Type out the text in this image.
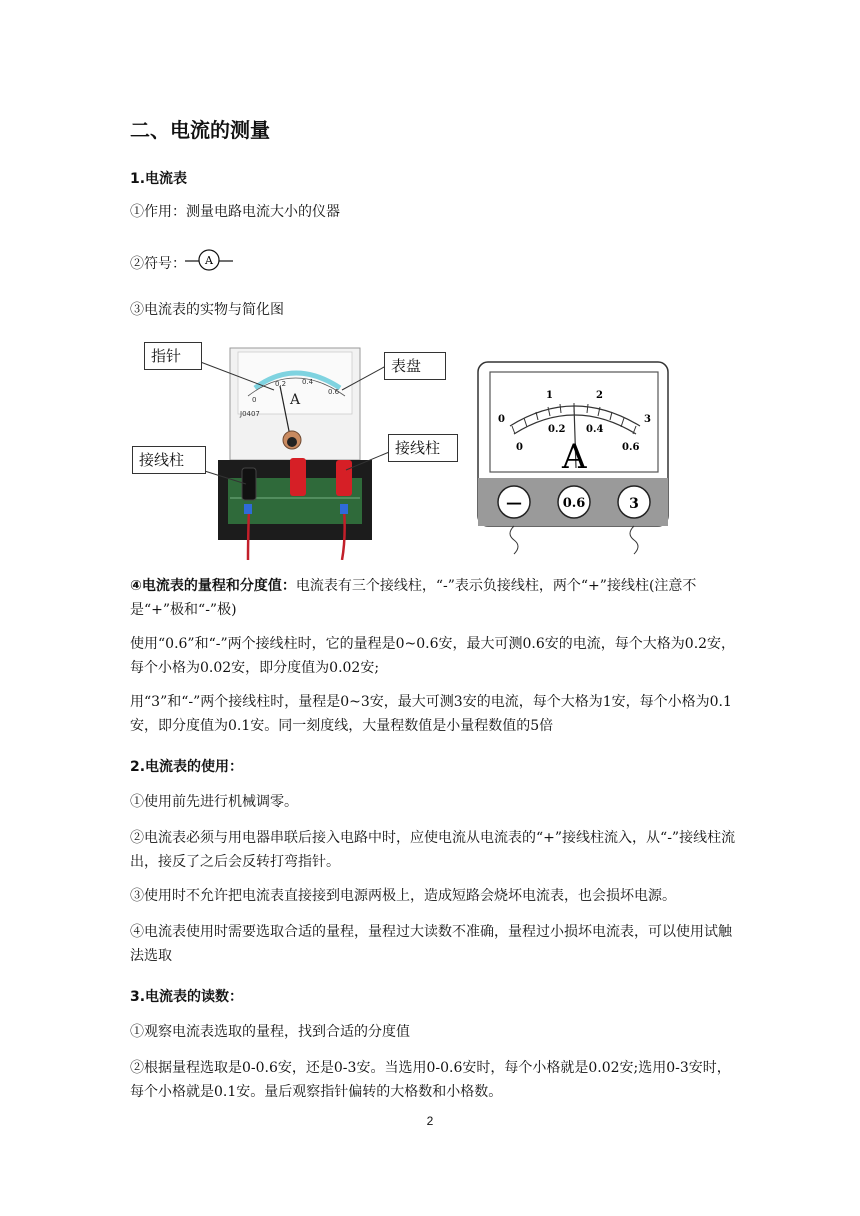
二、电流的测量
1.电流表
①作用：测量电路电流大小的仪器
②符号： A
③电流表的实物与简化图
0
0.2 0.4
0.6
A
J0407
指针
表盘
接线柱
接线柱
0
1	2
3
0
0.2 0.4
0.6
A
—	0.6	3
④电流表的量程和分度值：电流表有三个接线柱，“-”表示负接线柱，两个“+”接线柱(注意不是“+”极和“-”极)
使用“0.6”和“-”两个接线柱时，它的量程是0~0.6安，最大可测0.6安的电流，每个大格为0.2安，每个小格为0.02安，即分度值为0.02安;
用“3”和“-”两个接线柱时，量程是0~3安，最大可测3安的电流，每个大格为1安，每个小格为0.1安，即分度值为0.1安。同一刻度线，大量程数值是小量程数值的5倍
2.电流表的使用：
①使用前先进行机械调零。
②电流表必须与用电器串联后接入电路中时，应使电流从电流表的“+”接线柱流入，从“-”接线柱流出，接反了之后会反转打弯指针。
③使用时不允许把电流表直接接到电源两极上，造成短路会烧坏电流表，也会损坏电源。
④电流表使用时需要选取合适的量程，量程过大读数不准确，量程过小损坏电流表，可以使用试触法选取
3.电流表的读数：
①观察电流表选取的量程，找到合适的分度值
②根据量程选取是0-0.6安，还是0-3安。当选用0-0.6安时，每个小格就是0.02安;选用0-3安时，每个小格就是0.1安。量后观察指针偏转的大格数和小格数。
2
